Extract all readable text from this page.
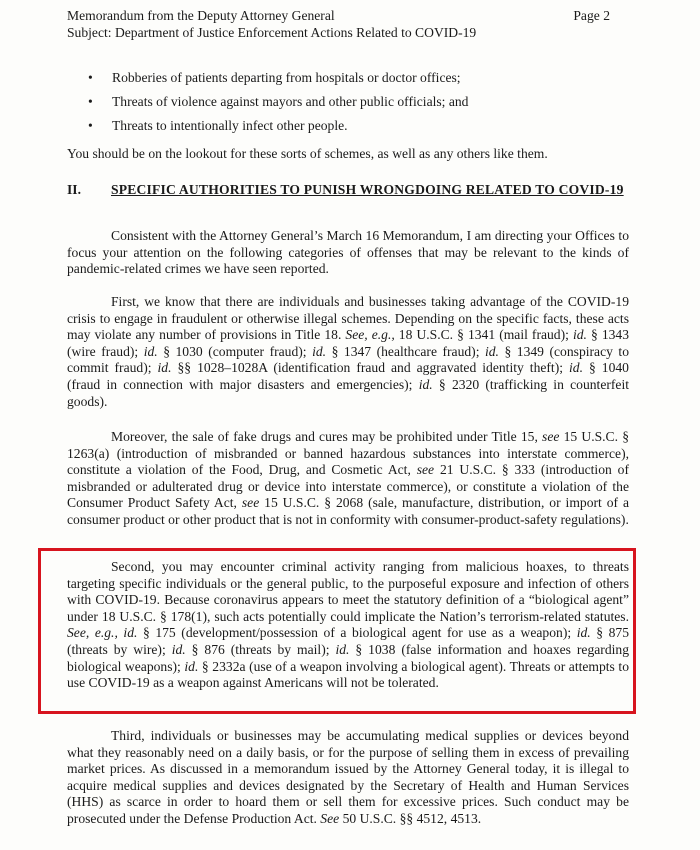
Memorandum from the Deputy Attorney General
Subject: Department of Justice Enforcement Actions Related to COVID-19
Page 2
• Robberies of patients departing from hospitals or doctor offices;
• Threats of violence against mayors and other public officials; and
• Threats to intentionally infect other people.
You should be on the lookout for these sorts of schemes, as well as any others like them.
II. SPECIFIC AUTHORITIES TO PUNISH WRONGDOING RELATED TO COVID-19
Consistent with the Attorney General’s March 16 Memorandum, I am directing your Offices to focus your attention on the following categories of offenses that may be relevant to the kinds of pandemic-related crimes we have seen reported.
First, we know that there are individuals and businesses taking advantage of the COVID-19 crisis to engage in fraudulent or otherwise illegal schemes. Depending on the specific facts, these acts may violate any number of provisions in Title 18. See, e.g., 18 U.S.C. § 1341 (mail fraud); id. § 1343 (wire fraud); id. § 1030 (computer fraud); id. § 1347 (healthcare fraud); id. § 1349 (conspiracy to commit fraud); id. §§ 1028–1028A (identification fraud and aggravated identity theft); id. § 1040 (fraud in connection with major disasters and emergencies); id. § 2320 (trafficking in counterfeit goods).
Moreover, the sale of fake drugs and cures may be prohibited under Title 15, see 15 U.S.C. § 1263(a) (introduction of misbranded or banned hazardous substances into interstate commerce), constitute a violation of the Food, Drug, and Cosmetic Act, see 21 U.S.C. § 333 (introduction of misbranded or adulterated drug or device into interstate commerce), or constitute a violation of the Consumer Product Safety Act, see 15 U.S.C. § 2068 (sale, manufacture, distribution, or import of a consumer product or other product that is not in conformity with consumer-product-safety regulations).
Second, you may encounter criminal activity ranging from malicious hoaxes, to threats targeting specific individuals or the general public, to the purposeful exposure and infection of others with COVID-19. Because coronavirus appears to meet the statutory definition of a “biological agent” under 18 U.S.C. § 178(1), such acts potentially could implicate the Nation’s terrorism-related statutes. See, e.g., id. § 175 (development/possession of a biological agent for use as a weapon); id. § 875 (threats by wire); id. § 876 (threats by mail); id. § 1038 (false information and hoaxes regarding biological weapons); id. § 2332a (use of a weapon involving a biological agent). Threats or attempts to use COVID-19 as a weapon against Americans will not be tolerated.
Third, individuals or businesses may be accumulating medical supplies or devices beyond what they reasonably need on a daily basis, or for the purpose of selling them in excess of prevailing market prices. As discussed in a memorandum issued by the Attorney General today, it is illegal to acquire medical supplies and devices designated by the Secretary of Health and Human Services (HHS) as scarce in order to hoard them or sell them for excessive prices. Such conduct may be prosecuted under the Defense Production Act. See 50 U.S.C. §§ 4512, 4513.
